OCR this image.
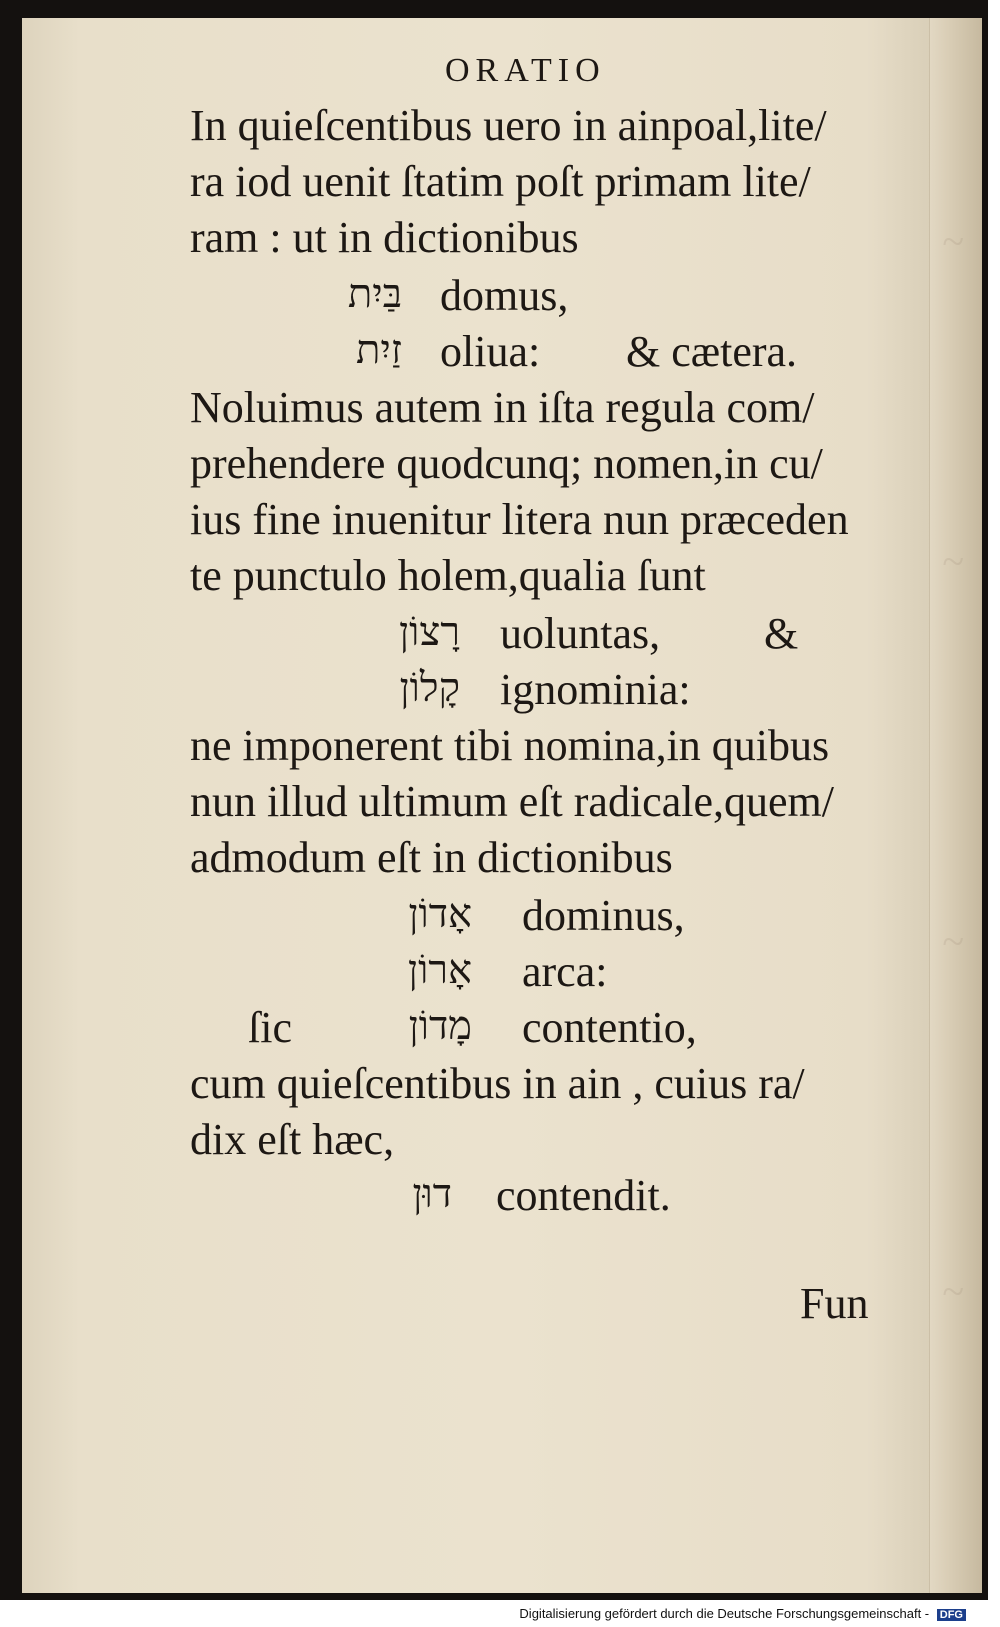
~
~
~
~
ORATIO
In quieſcentibus uero in ainpoal,lite/
ra iod uenit ſtatim poſt primam lite/
ram : ut in dictionibus
בַּיִת domus,
זַיִת oliua: & cætera.
Noluimus autem in iſta regula com/
prehendere quodcunq; nomen,in cu/
ius fine inuenitur litera nun præceden
te punctulo holem,qualia ſunt
רָצוֹן uoluntas, &
קָלוֹן ignominia:
ne imponerent tibi nomina,in quibus
nun illud ultimum eſt radicale,quem/
admodum eſt in dictionibus
אָדוֹן dominus,
אָרוֹן arca:
ſic	מָדוֹן contentio,
cum quieſcentibus in ain , cuius ra/
dix eſt hæc,
דוּן contendit.
Fun
Digitalisierung gefördert durch die Deutsche Forschungsgemeinschaft - DFG
